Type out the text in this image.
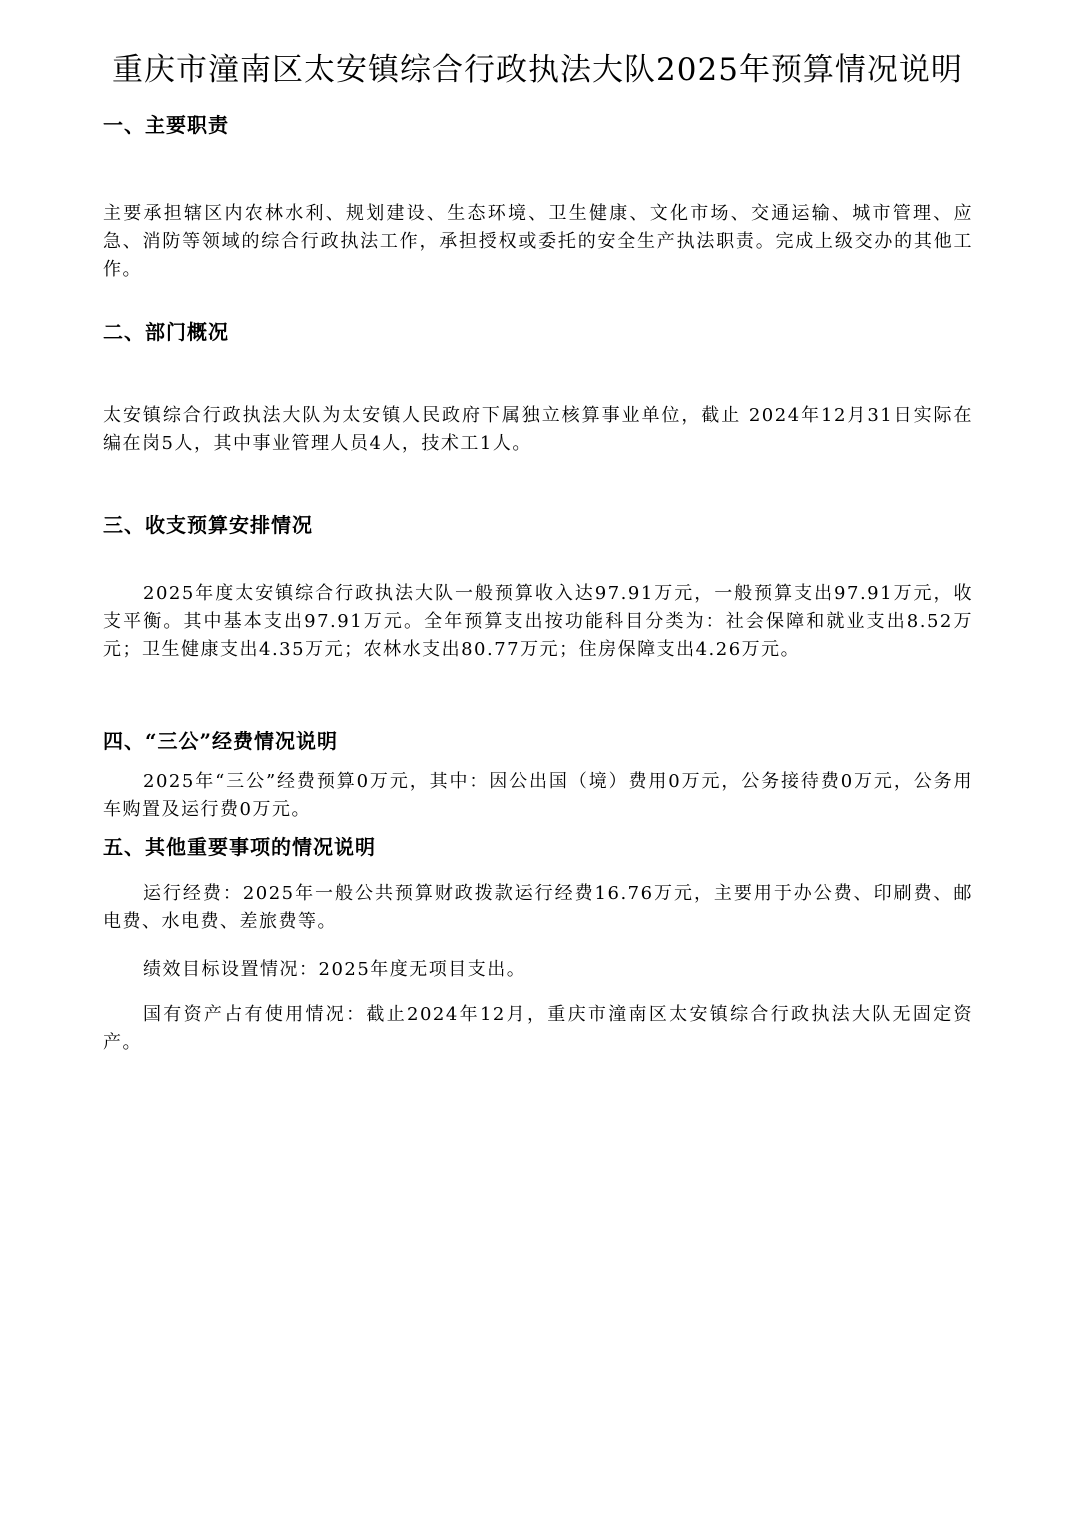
重庆市潼南区太安镇综合行政执法大队2025年预算情况说明
一、主要职责

主要承担辖区内农林水利、规划建设、生态环境、卫生健康、文化市场、交通运输、城市管理、应急、消防等领域的综合行政执法工作，承担授权或委托的安全生产执法职责。完成上级交办的其他工作。

二、部门概况

太安镇综合行政执法大队为太安镇人民政府下属独立核算事业单位，截止 2024年12月31日实际在编在岗5人，其中事业管理人员4人，技术工1人。

三、收支预算安排情况

2025年度太安镇综合行政执法大队一般预算收入达97.91万元，一般预算支出97.91万元，收支平衡。其中基本支出97.91万元。全年预算支出按功能科目分类为：社会保障和就业支出8.52万元；卫生健康支出4.35万元；农林水支出80.77万元；住房保障支出4.26万元。

四、“三公”经费情况说明

2025年“三公”经费预算0万元，其中：因公出国（境）费用0万元，公务接待费0万元，公务用车购置及运行费0万元。

五、其他重要事项的情况说明

运行经费：2025年一般公共预算财政拨款运行经费16.76万元，主要用于办公费、印刷费、邮电费、水电费、差旅费等。

绩效目标设置情况：2025年度无项目支出。

国有资产占有使用情况：截止2024年12月，重庆市潼南区太安镇综合行政执法大队无固定资产。
